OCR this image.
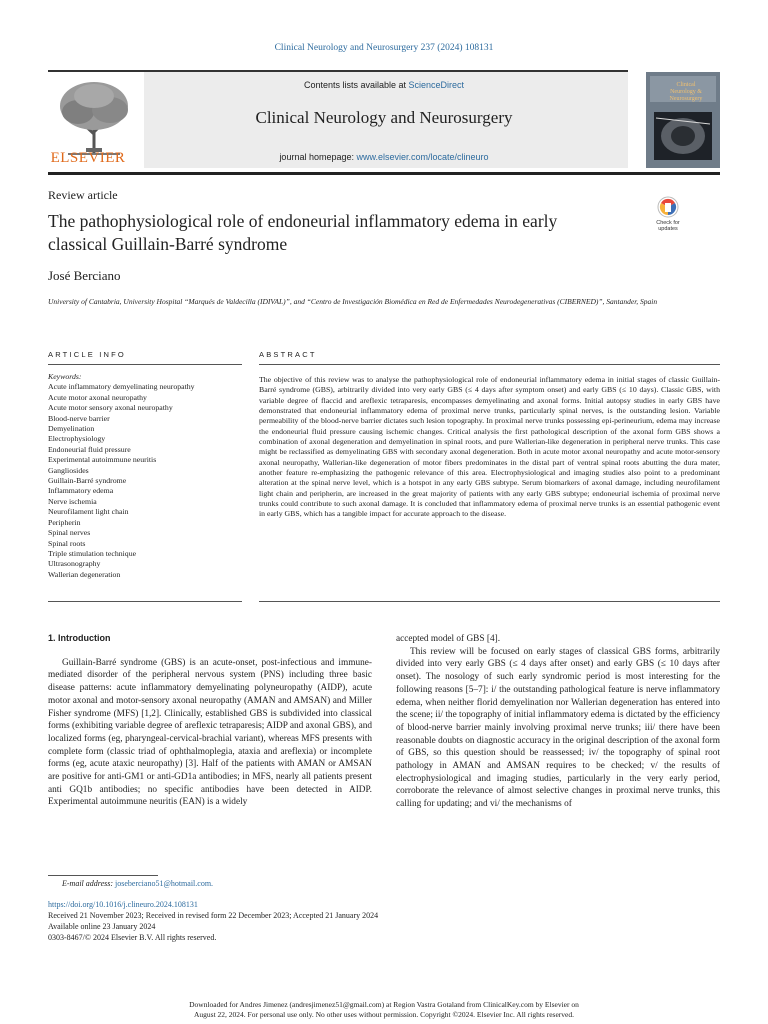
Clinical Neurology and Neurosurgery 237 (2024) 108131
ELSEVIER
Contents lists available at ScienceDirect
Clinical Neurology and Neurosurgery
journal homepage: www.elsevier.com/locate/clineuro
Clinical
Neurology &
Neurosurgery
Review article
The pathophysiological role of endoneurial inflammatory edema in early classical Guillain-Barré syndrome
Check for
updates
José Berciano
University of Cantabria, University Hospital “Marqués de Valdecilla (IDIVAL)”, and “Centro de Investigación Biomédica en Red de Enfermedades Neurodegenerativas (CIBERNED)”, Santander, Spain
ARTICLE INFO	ABSTRACT
Keywords:
Acute inflammatory demyelinating neuropathy
Acute motor axonal neuropathy
Acute motor sensory axonal neuropathy
Blood-nerve barrier
Demyelination
Electrophysiology
Endoneurial fluid pressure
Experimental autoimmune neuritis
Gangliosides
Guillain-Barré syndrome
Inflammatory edema
Nerve ischemia
Neurofilament light chain
Peripherin
Spinal nerves
Spinal roots
Triple stimulation technique
Ultrasonography
Wallerian degeneration
The objective of this review was to analyse the pathophysiological role of endoneurial inflammatory edema in initial stages of classic Guillain-Barré syndrome (GBS), arbitrarily divided into very early GBS (≤ 4 days after symptom onset) and early GBS (≤ 10 days). Classic GBS, with variable degree of flaccid and areflexic tetraparesis, encompasses demyelinating and axonal forms. Initial autopsy studies in early GBS have demonstrated that endoneurial inflammatory edema of proximal nerve trunks, particularly spinal nerves, is the outstanding lesion. Variable permeability of the blood-nerve barrier dictates such lesion topography. In proximal nerve trunks possessing epi-perineurium, edema may increase the endoneurial fluid pressure causing ischemic changes. Critical analysis the first pathological description of the axonal form GBS shows a combination of axonal degeneration and demyelination in spinal roots, and pure Wallerian-like degeneration in peripheral nerve trunks. This case might be reclassified as demyelinating GBS with secondary axonal degeneration. Both in acute motor axonal neuropathy and acute motor-sensory axonal neuropathy, Wallerian-like degeneration of motor fibers predominates in the distal part of ventral spinal roots abutting the dura mater, another feature re-emphasizing the pathogenic relevance of this area. Electrophysiological and imaging studies also point to a predominant alteration at the spinal nerve level, which is a hotspot in any early GBS subtype. Serum biomarkers of axonal damage, including neurofilament light chain and peripherin, are increased in the great majority of patients with any early GBS subtype; endoneurial ischemia of proximal nerve trunks could contribute to such axonal damage. It is concluded that inflammatory edema of proximal nerve trunks is an essential pathogenic event in early GBS, which has a tangible impact for accurate approach to the disease.
1. Introduction
Guillain-Barré syndrome (GBS) is an acute-onset, post-infectious and immune-mediated disorder of the peripheral nervous system (PNS) including three basic disease patterns: acute inflammatory demyelinating polyneuropathy (AIDP), acute motor axonal and motor-sensory axonal neuropathy (AMAN and AMSAN) and Miller Fisher syndrome (MFS) [1,2]. Clinically, established GBS is subdivided into classical forms (exhibiting variable degree of areflexic tetraparesis; AIDP and axonal GBS), and localized forms (eg, pharyngeal-cervical-brachial variant), whereas MFS presents with complete form (classic triad of ophthalmoplegia, ataxia and areflexia) or incomplete forms (eg, acute ataxic neuropathy) [3]. Half of the patients with AMAN or AMSAN are positive for anti-GM1 or anti-GD1a antibodies; in MFS, nearly all patients present anti GQ1b antibodies; no specific antibodies have been detected in AIDP. Experimental autoimmune neuritis (EAN) is a widely
accepted model of GBS [4].
This review will be focused on early stages of classical GBS forms, arbitrarily divided into very early GBS (≤ 4 days after onset) and early GBS (≤ 10 days after onset). The nosology of such early syndromic period is most interesting for the following reasons [5–7]: i/ the outstanding pathological feature is nerve inflammatory edema, when neither florid demyelination nor Wallerian degeneration has entered into the scene; ii/ the topography of initial inflammatory edema is dictated by the efficiency of blood-nerve barrier mainly involving proximal nerve trunks; iii/ there have been reasonable doubts on diagnostic accuracy in the original description of the axonal form of GBS, so this question should be reassessed; iv/ the topography of spinal root pathology in AMAN and AMSAN requires to be checked; v/ the results of electrophysiological and imaging studies, particularly in the very early period, corroborate the relevance of almost selective changes in proximal nerve trunks, this calling for updating; and vi/ the mechanisms of
E-mail address: joseberciano51@hotmail.com.
https://doi.org/10.1016/j.clineuro.2024.108131
Received 21 November 2023; Received in revised form 22 December 2023; Accepted 21 January 2024
Available online 23 January 2024
0303-8467/© 2024 Elsevier B.V. All rights reserved.
Downloaded for Andres Jimenez (andresjimenez51@gmail.com) at Region Vastra Gotaland from ClinicalKey.com by Elsevier on
August 22, 2024. For personal use only. No other uses without permission. Copyright ©2024. Elsevier Inc. All rights reserved.
